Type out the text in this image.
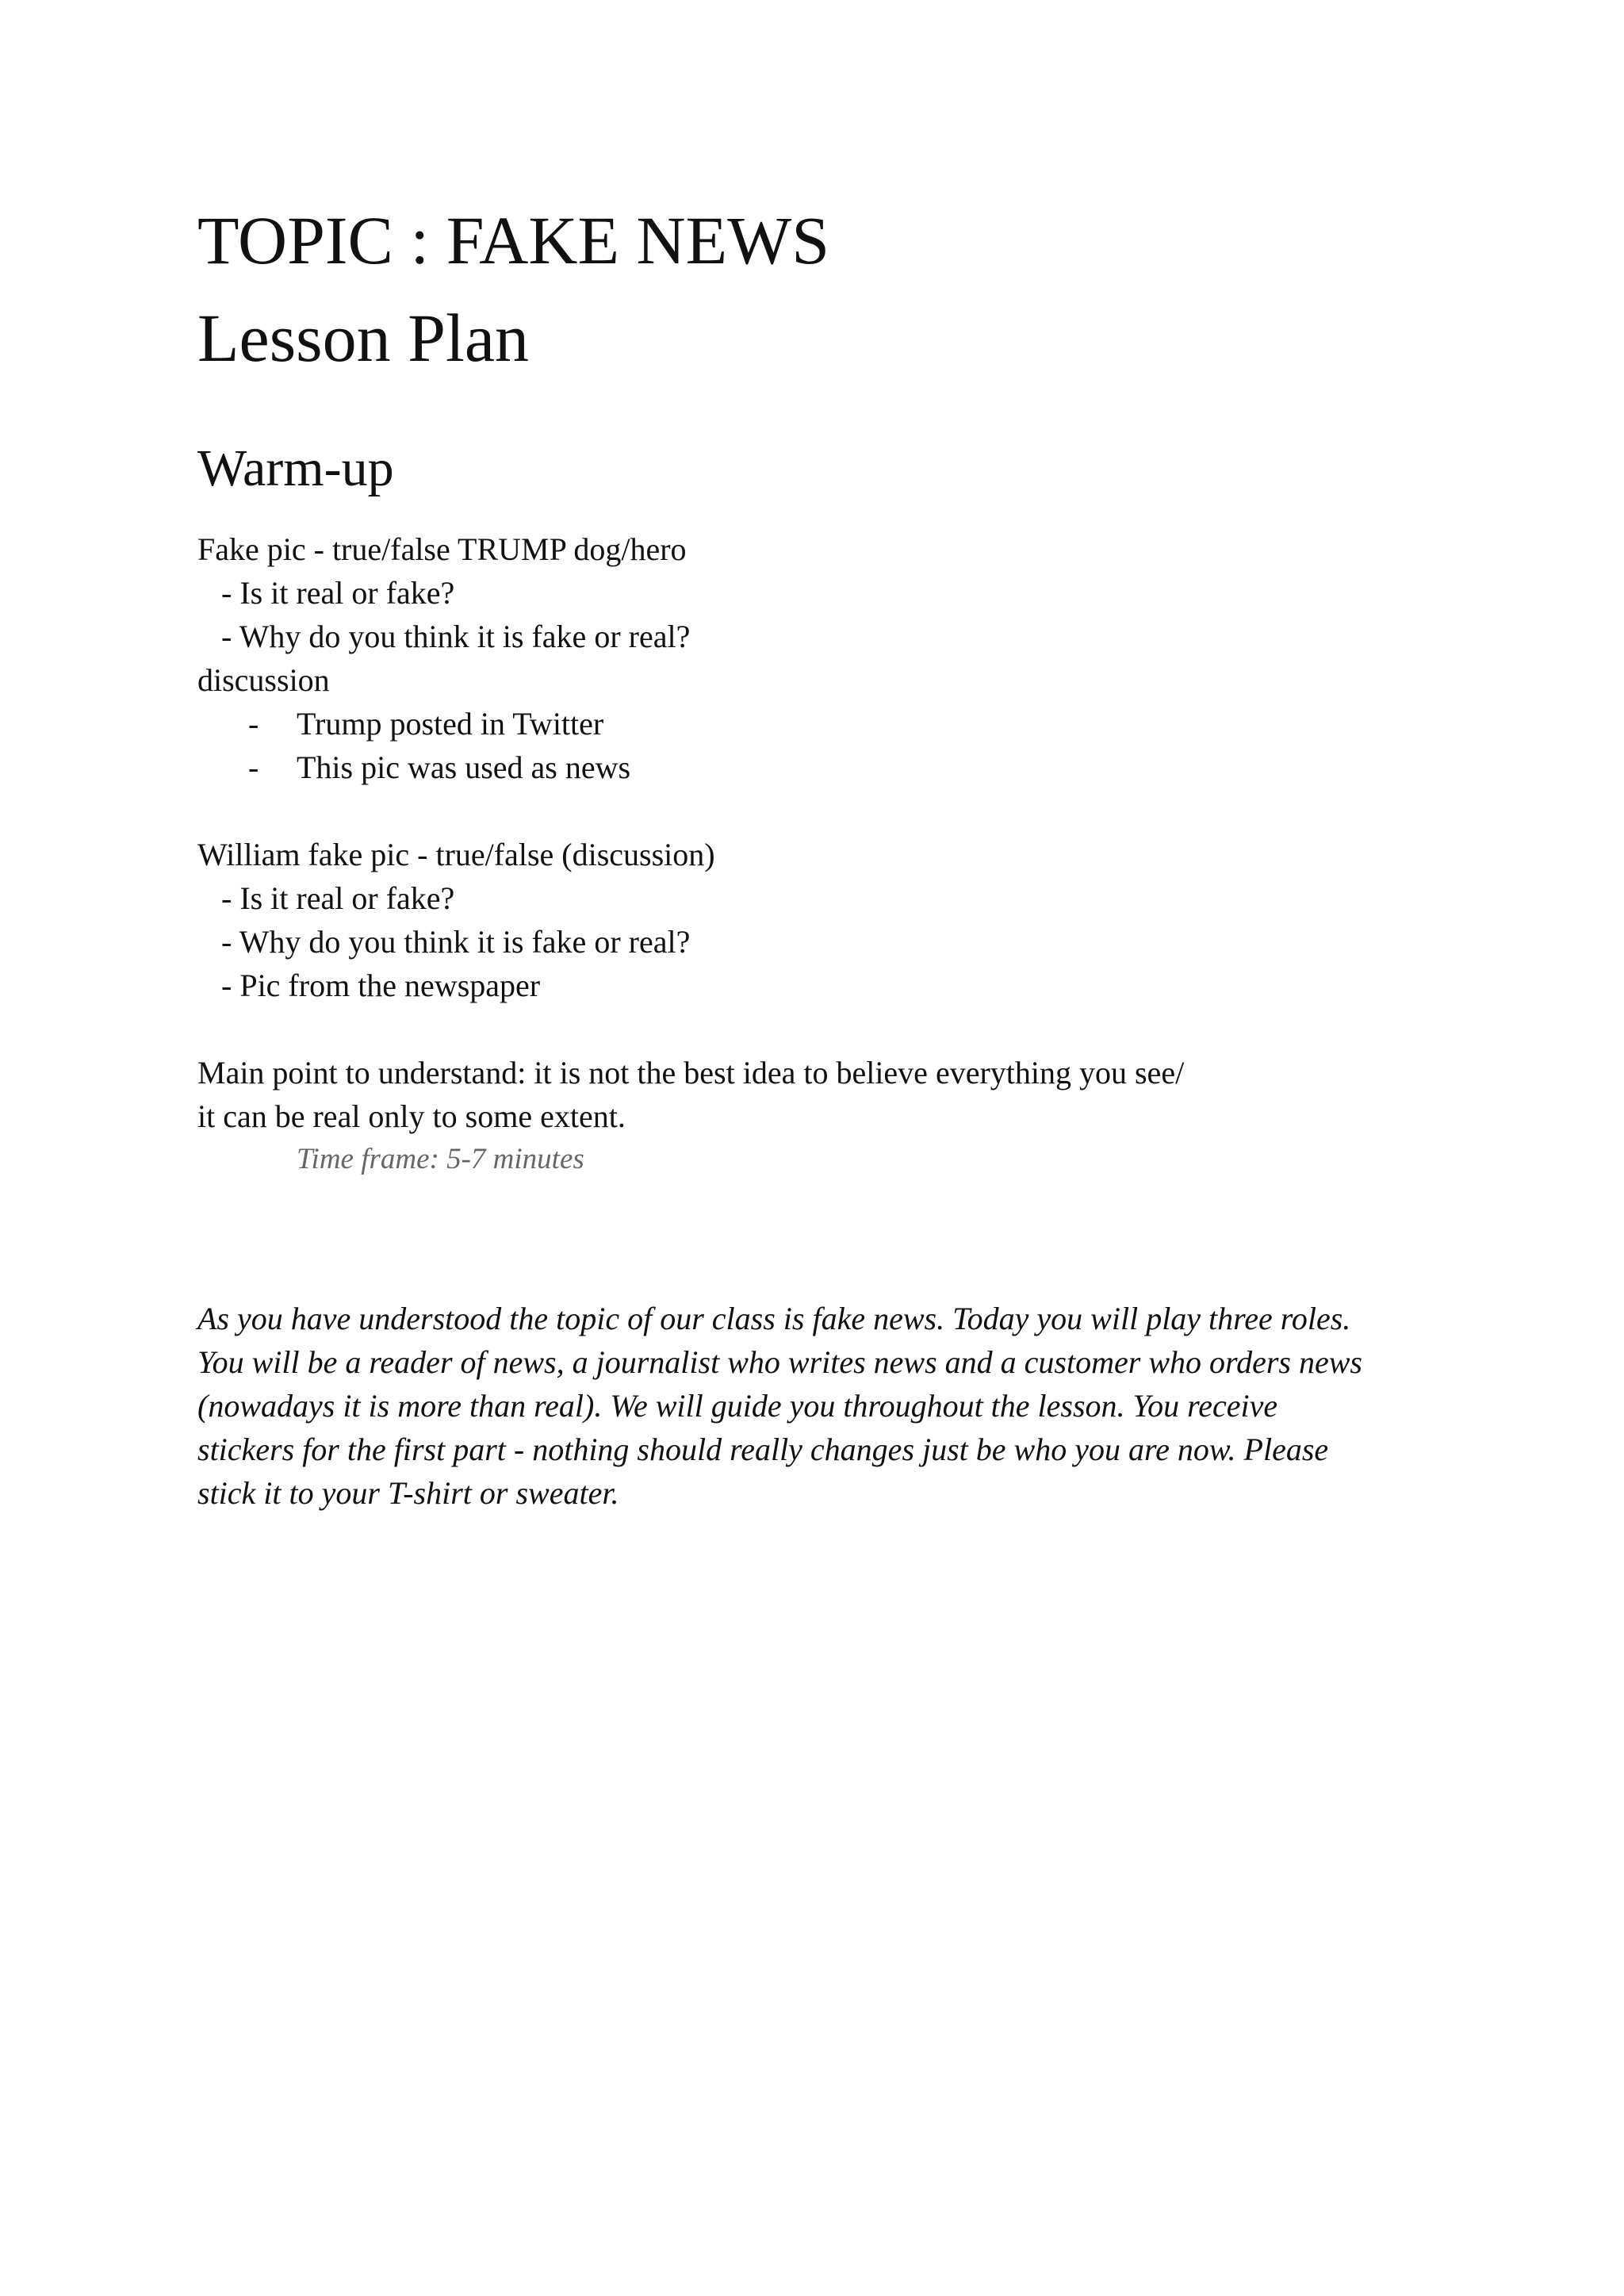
TOPIC : FAKE NEWS
Lesson Plan
Warm-up
Fake pic - true/false TRUMP dog/hero
- Is it real or fake?
- Why do you think it is fake or real?
discussion
- Trump posted in Twitter
- This pic was used as news
William fake pic - true/false (discussion)
- Is it real or fake?
- Why do you think it is fake or real?
- Pic from the newspaper
Main point to understand: it is not the best idea to believe everything you see/
it can be real only to some extent.
Time frame: 5-7 minutes
As you have understood the topic of our class is fake news. Today you will play three roles.
You will be a reader of news, a journalist who writes news and a customer who orders news
(nowadays it is more than real). We will guide you throughout the lesson. You receive
stickers for the first part - nothing should really changes just be who you are now. Please
stick it to your T-shirt or sweater.
